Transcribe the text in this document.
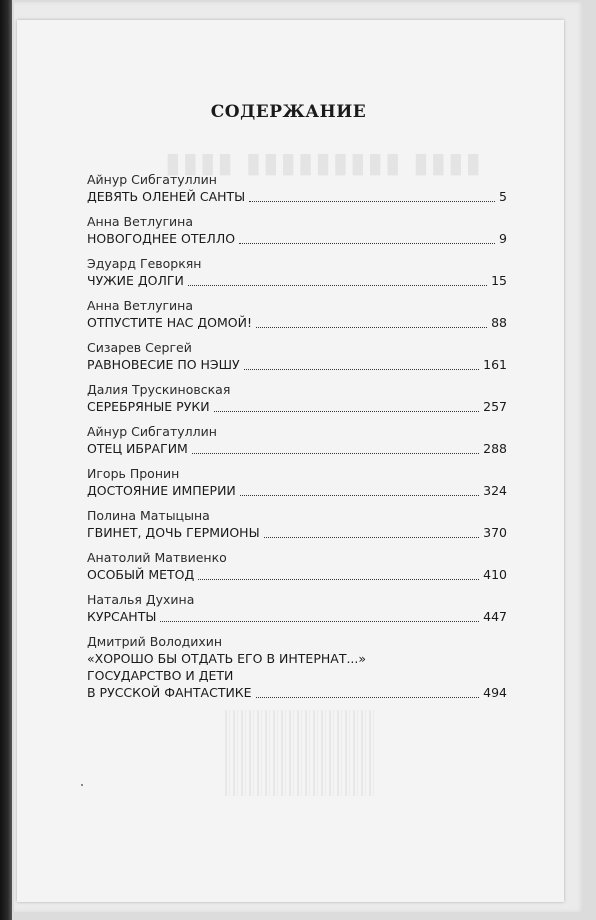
▮▮▮▮ ▮▮▮▮▮▮▮▮▮ ▮▮▮▮
СОДЕРЖАНИЕ
Айнур Сибгатуллин
ДЕВЯТЬ ОЛЕНЕЙ САНТЫ	5
Анна Ветлугина
НОВОГОДНЕЕ ОТЕЛЛО	9
Эдуард Геворкян
ЧУЖИЕ ДОЛГИ	15
Анна Ветлугина
ОТПУСТИТЕ НАС ДОМОЙ!	88
Сизарев Сергей
РАВНОВЕСИЕ ПО НЭШУ	161
Далия Трускиновская
СЕРЕБРЯНЫЕ РУКИ	257
Айнур Сибгатуллин
ОТЕЦ ИБРАГИМ	288
Игорь Пронин
ДОСТОЯНИЕ ИМПЕРИИ	324
Полина Матыцына
ГВИНЕТ, ДОЧЬ ГЕРМИОНЫ	370
Анатолий Матвиенко
ОСОБЫЙ МЕТОД	410
Наталья Духина
КУРСАНТЫ	447
Дмитрий Володихин
«ХОРОШО БЫ ОТДАТЬ ЕГО В ИНТЕРНАТ...»
ГОСУДАРСТВО И ДЕТИ
В РУССКОЙ ФАНТАСТИКЕ	494
